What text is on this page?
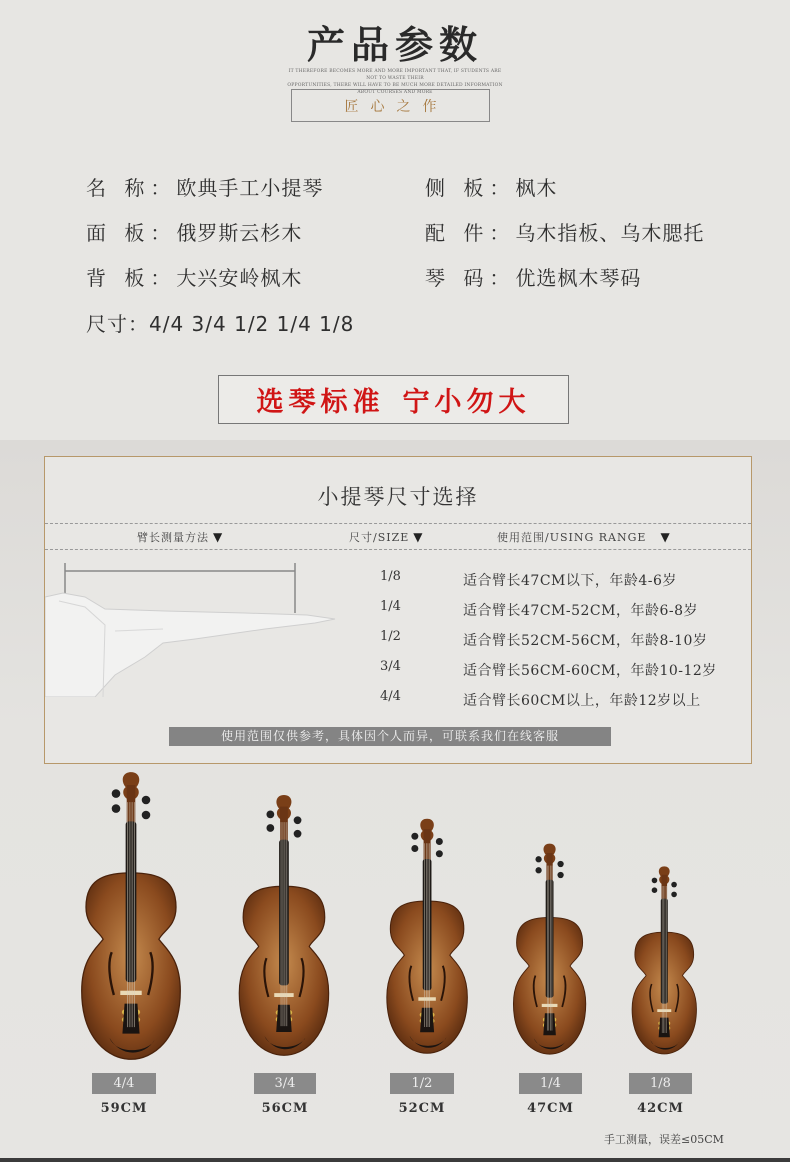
产品参数
IT THEREFORE BECOMES MORE AND MORE IMPORTANT THAT, IF STUDENTS ARE NOT TO WASTE THEIR
OPPORTUNITIES, THERE WILL HAVE TO BE MUCH MORE DETAILED INFORMATION ABOUT COURSES AND MORE
匠心之作
名 称：欧典手工小提琴	侧 板：枫木
面 板：俄罗斯云杉木	配 件：乌木指板、乌木腮托
背 板：大兴安岭枫木	琴 码：优选枫木琴码
尺寸：4/4 3/4 1/2 1/4 1/8
选琴标准 宁小勿大
小提琴尺寸选择
臂长测量方法 ▼	尺寸/SIZE ▼	使用范围/USING RANGE ▼
1/8	适合臂长47CM以下，年龄4-6岁
1/4	适合臂长47CM-52CM，年龄6-8岁
1/2	适合臂长52CM-56CM，年龄8-10岁
3/4	适合臂长56CM-60CM，年龄10-12岁
4/4	适合臂长60CM以上，年龄12岁以上
使用范围仅供参考，具体因个人而异，可联系我们在线客服
4/4
59CM
3/4
56CM
1/2
52CM
1/4
47CM
1/8
42CM
手工测量，误差≤05CM
